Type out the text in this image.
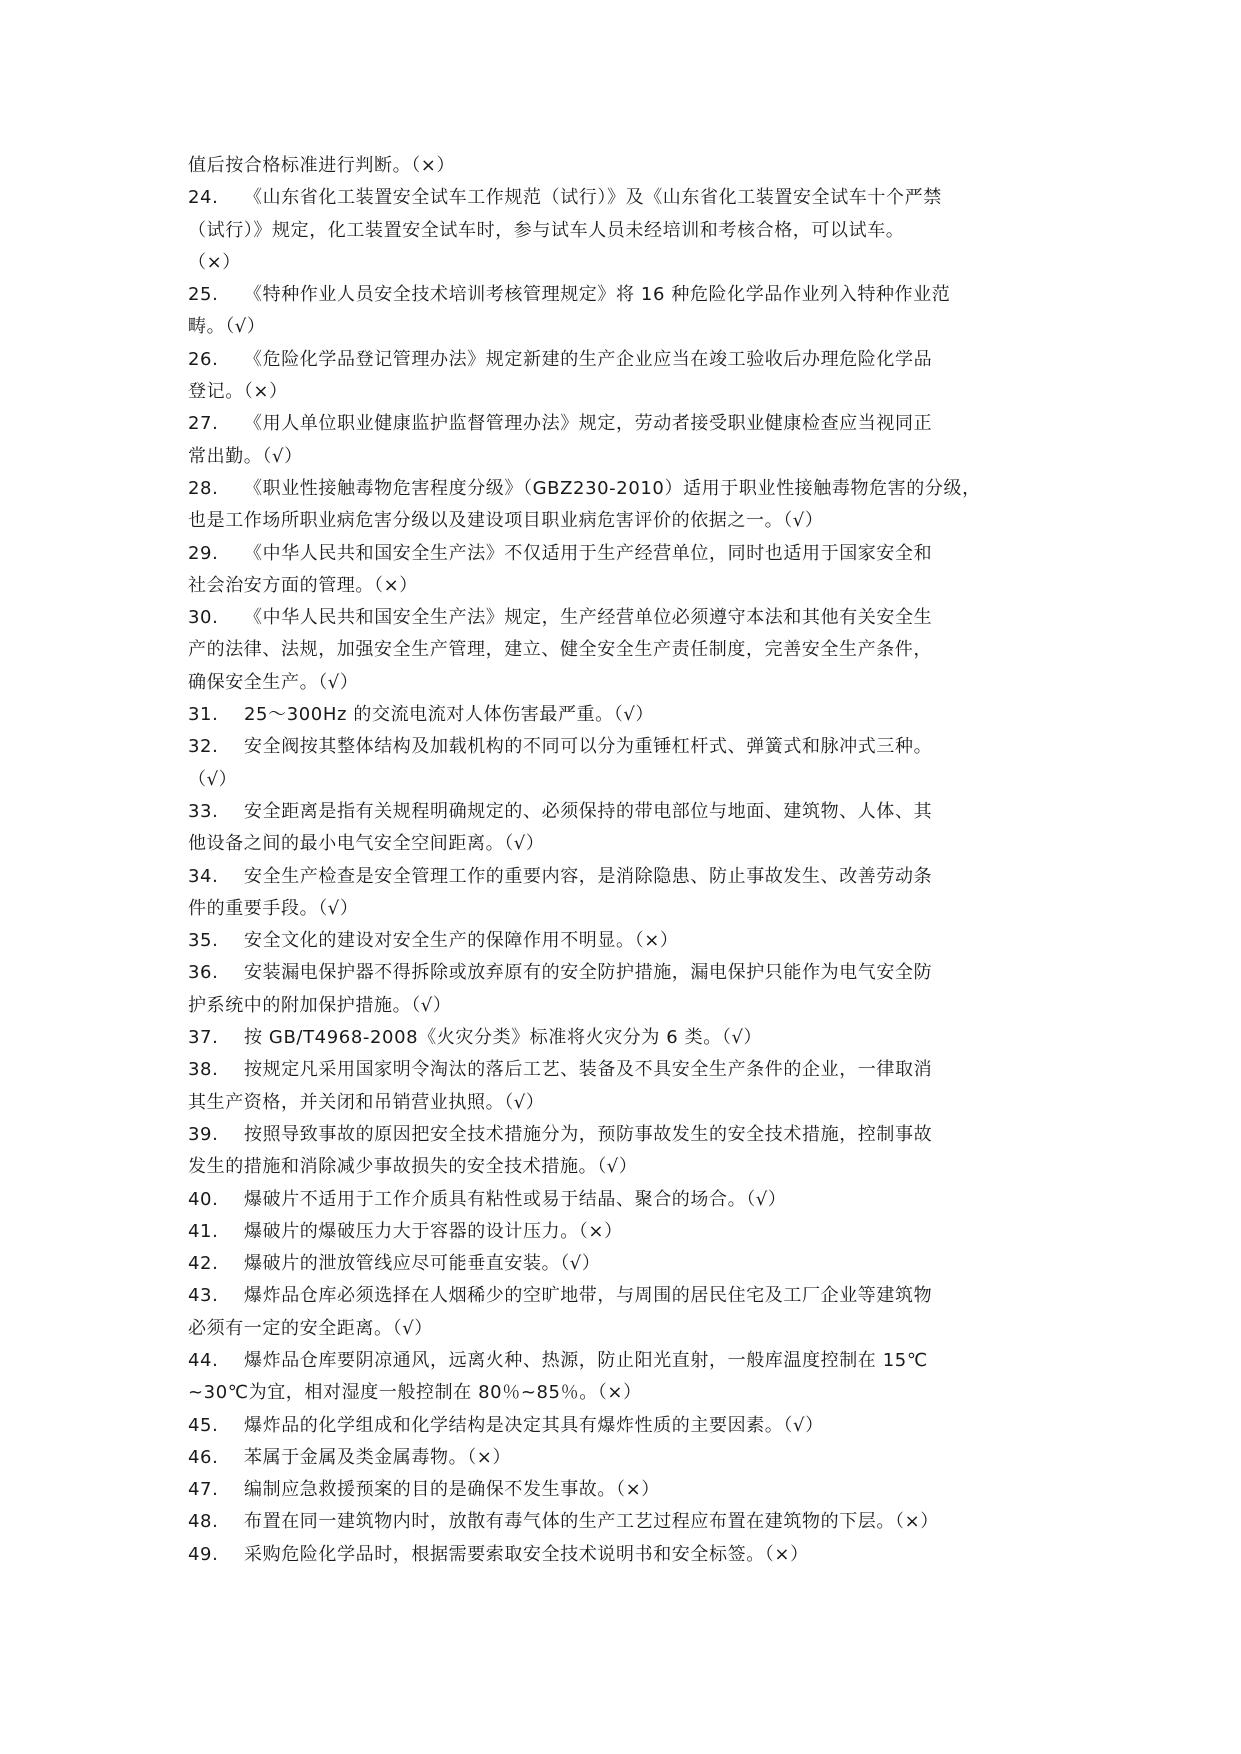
值后按合格标准进行判断。（×）
24. 《山东省化工装置安全试车工作规范（试行）》及《山东省化工装置安全试车十个严禁
（试行）》规定，化工装置安全试车时，参与试车人员未经培训和考核合格，可以试车。
（×）
25. 《特种作业人员安全技术培训考核管理规定》将 16 种危险化学品作业列入特种作业范
畴。（√）
26. 《危险化学品登记管理办法》规定新建的生产企业应当在竣工验收后办理危险化学品
登记。（×）
27. 《用人单位职业健康监护监督管理办法》规定，劳动者接受职业健康检查应当视同正
常出勤。（√）
28. 《职业性接触毒物危害程度分级》（GBZ230-2010）适用于职业性接触毒物危害的分级，
也是工作场所职业病危害分级以及建设项目职业病危害评价的依据之一。（√）
29. 《中华人民共和国安全生产法》不仅适用于生产经营单位，同时也适用于国家安全和
社会治安方面的管理。（×）
30. 《中华人民共和国安全生产法》规定，生产经营单位必须遵守本法和其他有关安全生
产的法律、法规，加强安全生产管理，建立、健全安全生产责任制度，完善安全生产条件，
确保安全生产。（√）
31. 25～300Hz 的交流电流对人体伤害最严重。（√）
32. 安全阀按其整体结构及加载机构的不同可以分为重锤杠杆式、弹簧式和脉冲式三种。
（√）
33. 安全距离是指有关规程明确规定的、必须保持的带电部位与地面、建筑物、人体、其
他设备之间的最小电气安全空间距离。（√）
34. 安全生产检查是安全管理工作的重要内容，是消除隐患、防止事故发生、改善劳动条
件的重要手段。（√）
35. 安全文化的建设对安全生产的保障作用不明显。（×）
36. 安装漏电保护器不得拆除或放弃原有的安全防护措施，漏电保护只能作为电气安全防
护系统中的附加保护措施。（√）
37. 按 GB/T4968-2008《火灾分类》标准将火灾分为 6 类。（√）
38. 按规定凡采用国家明令淘汰的落后工艺、装备及不具安全生产条件的企业，一律取消
其生产资格，并关闭和吊销营业执照。（√）
39. 按照导致事故的原因把安全技术措施分为，预防事故发生的安全技术措施，控制事故
发生的措施和消除减少事故损失的安全技术措施。（√）
40. 爆破片不适用于工作介质具有粘性或易于结晶、聚合的场合。（√）
41. 爆破片的爆破压力大于容器的设计压力。（×）
42. 爆破片的泄放管线应尽可能垂直安装。（√）
43. 爆炸品仓库必须选择在人烟稀少的空旷地带，与周围的居民住宅及工厂企业等建筑物
必须有一定的安全距离。（√）
44. 爆炸品仓库要阴凉通风，远离火种、热源，防止阳光直射，一般库温度控制在 15℃
~30℃为宜，相对湿度一般控制在 80％~85％。（×）
45. 爆炸品的化学组成和化学结构是决定其具有爆炸性质的主要因素。（√）
46. 苯属于金属及类金属毒物。（×）
47. 编制应急救援预案的目的是确保不发生事故。（×）
48. 布置在同一建筑物内时，放散有毒气体的生产工艺过程应布置在建筑物的下层。（×）
49. 采购危险化学品时，根据需要索取安全技术说明书和安全标签。（×）
